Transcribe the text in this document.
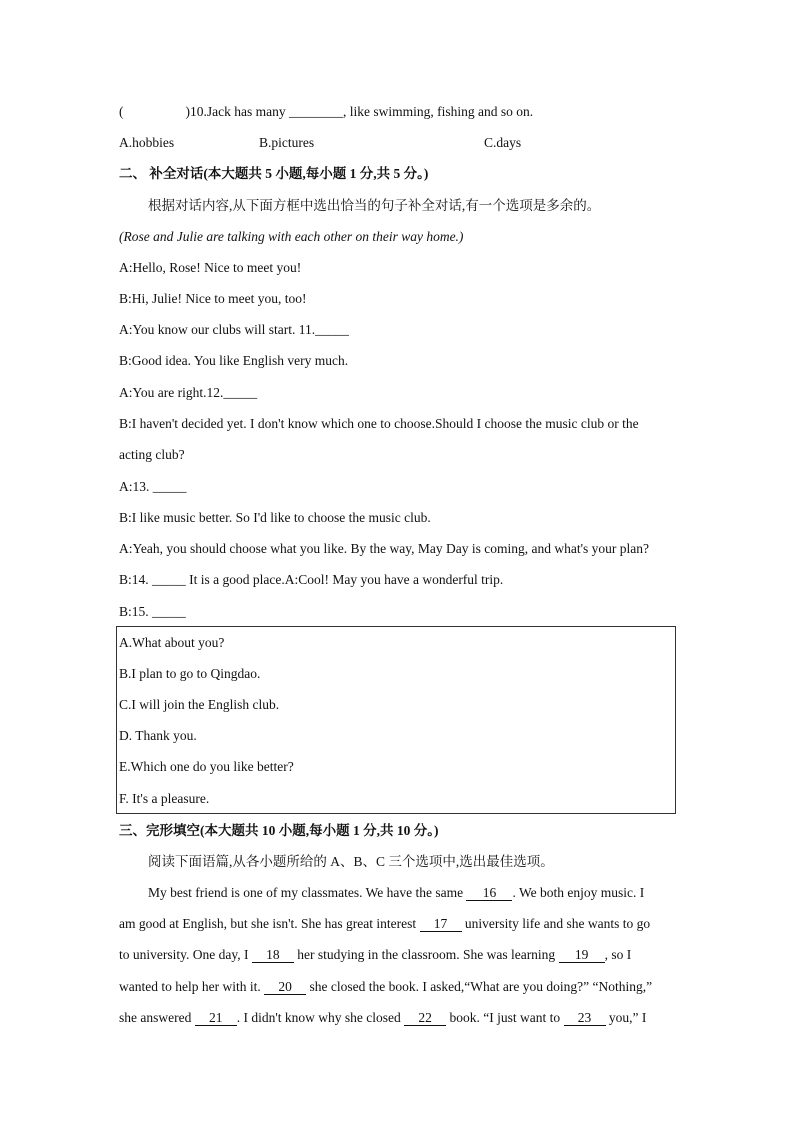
(	)10.Jack has many ________, like swimming, fishing and so on.
A.hobbies	B.pictures	C.days
二、 补全对话(本大题共 5 小题,每小题 1 分,共 5 分。)
根据对话内容,从下面方框中选出恰当的句子补全对话,有一个选项是多余的。
(Rose and Julie are talking with each other on their way home.)
A:Hello, Rose! Nice to meet you!
B:Hi, Julie! Nice to meet you, too!
A:You know our clubs will start. 11._____
B:Good idea. You like English very much.
A:You are right.12._____
B:I haven't decided yet. I don't know which one to choose.Should I choose the music club or the
acting club?
A:13. _____
B:I like music better. So I'd like to choose the music club.
A:Yeah, you should choose what you like. By the way, May Day is coming, and what's your plan?
B:14. _____ It is a good place.A:Cool! May you have a wonderful trip.
B:15. _____
A.What about you?
B.I plan to go to Qingdao.
C.I will join the English club.
D. Thank you.
E.Which one do you like better?
F. It's a pleasure.
三、完形填空(本大题共 10 小题,每小题 1 分,共 10 分。)
阅读下面语篇,从各小题所给的 A、B、C 三个选项中,选出最佳选项。
My best friend is one of my classmates. We have the same 16 . We both enjoy music. I
am good at English, but she isn't. She has great interest 17 university life and she wants to go
to university. One day, I 18 her studying in the classroom. She was learning 19 , so I
wanted to help her with it. 20 she closed the book. I asked,“What are you doing?” “Nothing,”
she answered 21 . I didn't know why she closed 22 book. “I just want to 23 you,” I
